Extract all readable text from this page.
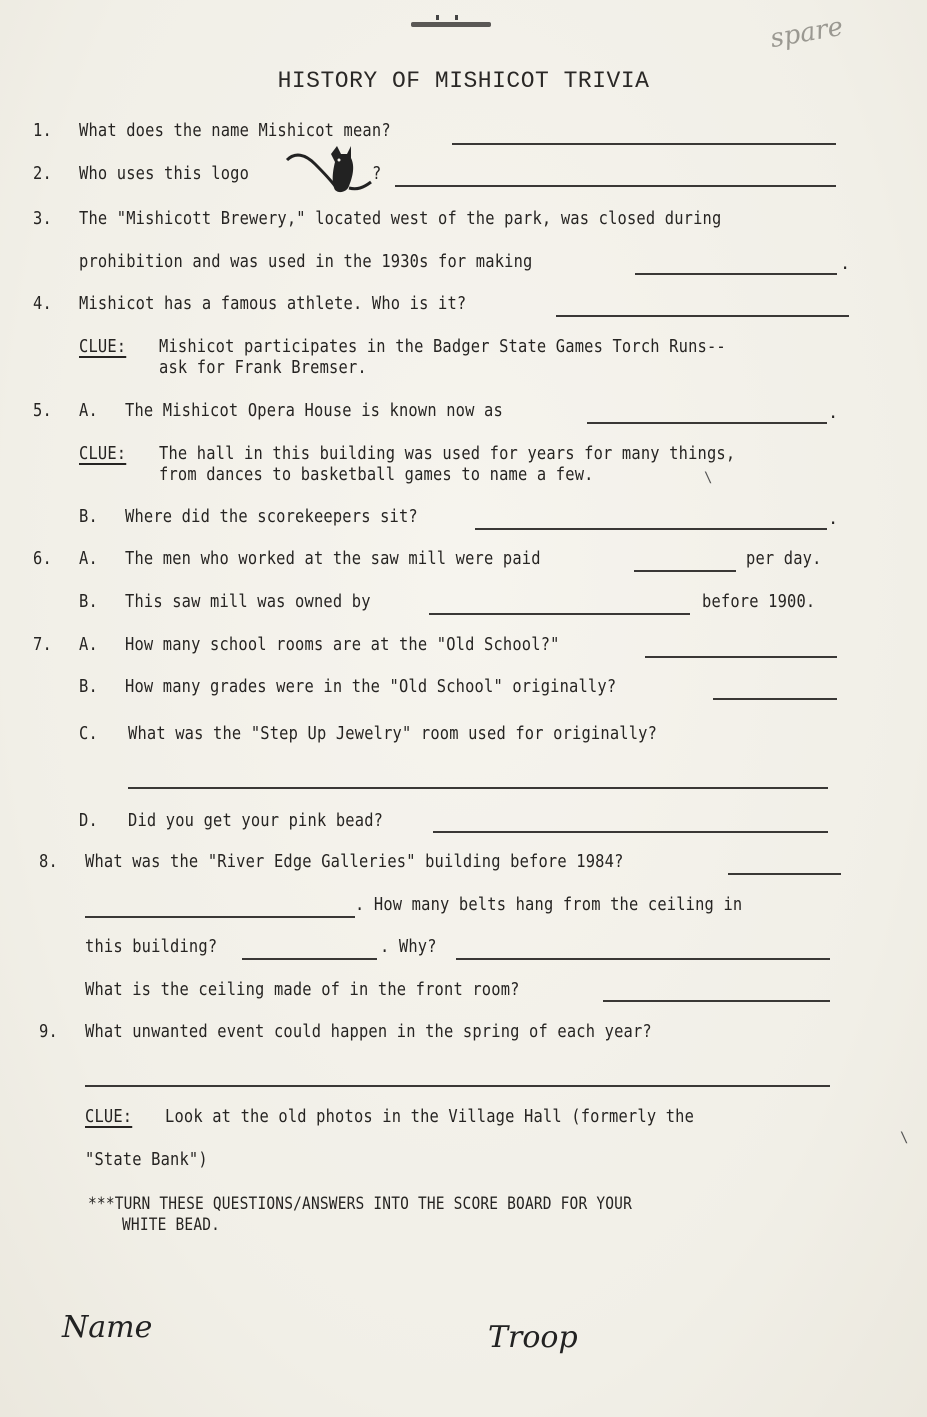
spare
HISTORY OF MISHICOT TRIVIA
1. What does the name Mishicot mean?
2. Who uses this logo	?
3. The "Mishicott Brewery," located west of the park, was closed during
prohibition and was used in the 1930s for making	.
4. Mishicot has a famous athlete. Who is it?
CLUE: Mishicot participates in the Badger State Games Torch Runs--
ask for Frank Bremser.
5. A. The Mishicot Opera House is known now as	.
CLUE: The hall in this building was used for years for many things,
from dances to basketball games to name a few.
B. Where did the scorekeepers sit?	.
6. A. The men who worked at the saw mill were paid	per day.
B. This saw mill was owned by	before 1900.
7. A. How many school rooms are at the "Old School?"
B. How many grades were in the "Old School" originally?
C. What was the "Step Up Jewelry" room used for originally?
D. Did you get your pink bead?
8. What was the "River Edge Galleries" building before 1984?
. How many belts hang from the ceiling in
this building?	. Why?
What is the ceiling made of in the front room?
9. What unwanted event could happen in the spring of each year?
CLUE: Look at the old photos in the Village Hall (formerly the
"State Bank")
***TURN THESE QUESTIONS/ANSWERS INTO THE SCORE BOARD FOR YOUR
WHITE BEAD.
Name	Troop
\
\
